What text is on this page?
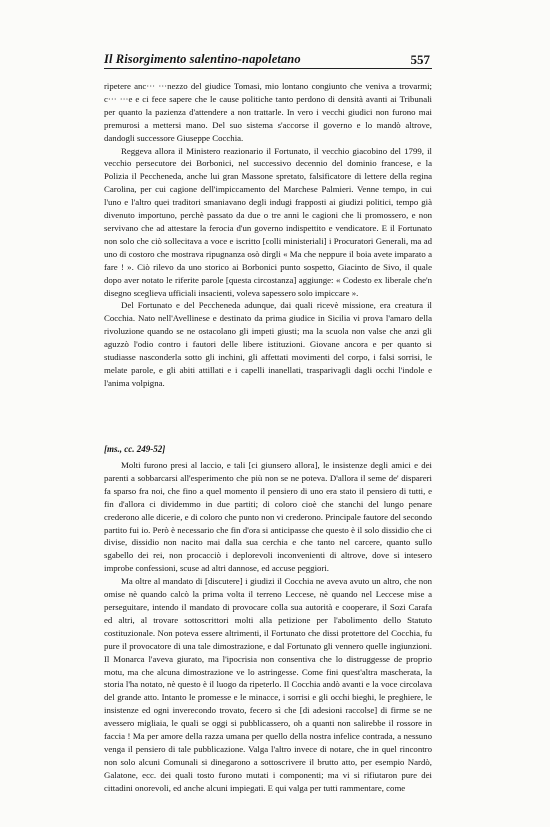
Il Risorgimento salentino-napoletano	557

ripetere anc··· ···nezzo del giudice Tomasi, mio lontano congiunto che veniva a trovarmi; c··· ···e e ci fece sapere che le cause politiche tanto perdono di densità avanti ai Tribunali per quanto la pazienza d'attendere a non trattarle. In vero i vecchi giudici non furono mai premurosi a mettersi mano. Del suo sistema s'accorse il governo e lo mandò altrove, dandogli successore Giuseppe Cocchia.

Reggeva allora il Ministero reazionario il Fortunato, il vecchio giacobino del 1799, il vecchio persecutore dei Borbonici, nel successivo decennio del dominio francese, e la Polizia il Peccheneda, anche lui gran Massone spretato, falsificatore di lettere della regina Carolina, per cui cagione dell'impiccamento del Marchese Palmieri. Venne tempo, in cui l'uno e l'altro quei traditori smaniavano degli indugi frapposti ai giudizi politici, tempo già divenuto importuno, perchè passato da due o tre anni le cagioni che li promossero, e non servivano che ad attestare la ferocia d'un governo indispettito e vendicatore. E il Fortunato non solo che ciò sollecitava a voce e iscritto [colli ministeriali] i Procuratori Generali, ma ad uno di costoro che mostrava ripugnanza osò dirgli « Ma che neppure il boia avete imparato a fare ! ». Ciò rilevo da uno storico ai Borbonici punto sospetto, Giacinto de Sivo, il quale dopo aver notato le riferite parole [questa circostanza] aggiunge: « Codesto ex liberale che'n disegno sceglieva ufficiali insacienti, voleva sapessero solo impiccare ».

Del Fortunato e del Peccheneda adunque, dai quali ricevè missione, era creatura il Cocchia. Nato nell'Avellinese e destinato da prima giudice in Sicilia vi prova l'amaro della rivoluzione quando se ne ostacolano gli impeti giusti; ma la scuola non valse che anzi gli aguzzò l'odio contro i fautori delle libere istituzioni. Giovane ancora e per quanto si studiasse nasconderla sotto gli inchini, gli affettati movimenti del corpo, i falsi sorrisi, le melate parole, e gli abiti attillati e i capelli inanellati, trasparivagli dagli occhi l'indole e l'anima volpigna.

[ms., cc. 249-52]

Molti furono presi al laccio, e tali [ci giunsero allora], le insistenze degli amici e dei parenti a sobbarcarsi all'esperimento che più non se ne poteva. D'allora il seme de' dispareri fa sparso fra noi, che fino a quel momento il pensiero di uno era stato il pensiero di tutti, e fin d'allora ci dividemmo in due partiti; di coloro cioè che stanchi del lungo penare crederono alle dicerie, e di coloro che punto non vi crederono. Principale fautore del secondo partito fui io. Però è necessario che fin d'ora si anticipasse che questo è il solo dissidio che ci divise, dissidio non nacito mai dalla sua cerchia e che tanto nel carcere, quanto sullo sgabello dei rei, non procacciò i deplorevoli inconvenienti di altrove, dove si intesero improbe confessioni, scuse ad altri dannose, ed accuse peggiori.

Ma oltre al mandato di [discutere] i giudizi il Cocchia ne aveva avuto un altro, che non omise nè quando calcò la prima volta il terreno Leccese, nè quando nel Leccese mise a perseguitare, intendo il mandato di provocare colla sua autorità e cooperare, il Sozi Carafa ed altri, al trovare sottoscrittori molti alla petizione per l'abolimento dello Statuto costituzionale. Non poteva essere altrimenti, il Fortunato che dissi protettore del Cocchia, fu pure il provocatore di una tale dimostrazione, e dal Fortunato gli vennero quelle ingiunzioni. Il Monarca l'aveva giurato, ma l'ipocrisia non consentiva che lo distruggesse de proprio motu, ma che alcuna dimostrazione ve lo astringesse. Come fini quest'altra mascherata, la storia l'ha notato, nè questo è il luogo da ripeterlo. Il Cocchia andò avanti e la voce circolava del grande atto. Intanto le promesse e le minacce, i sorrisi e gli occhi bieghi, le preghiere, le insistenze ed ogni inverecondo trovato, fecero sì che [di adesioni raccolse] di firme se ne avessero migliaia, le quali se oggi si pubblicassero, oh a quanti non salirebbe il rossore in faccia ! Ma per amore della razza umana per quello della nostra infelice contrada, a nessuno venga il pensiero di tale pubblicazione. Valga l'altro invece di notare, che in quel rincontro non solo alcuni Comunali si dinegarono a sottoscrivere il brutto atto, per esempio Nardò, Galatone, ecc. dei quali tosto furono mutati i componenti; ma vi si rifiutaron pure dei cittadini onorevoli, ed anche alcuni impiegati. E qui valga per tutti rammentare, come
